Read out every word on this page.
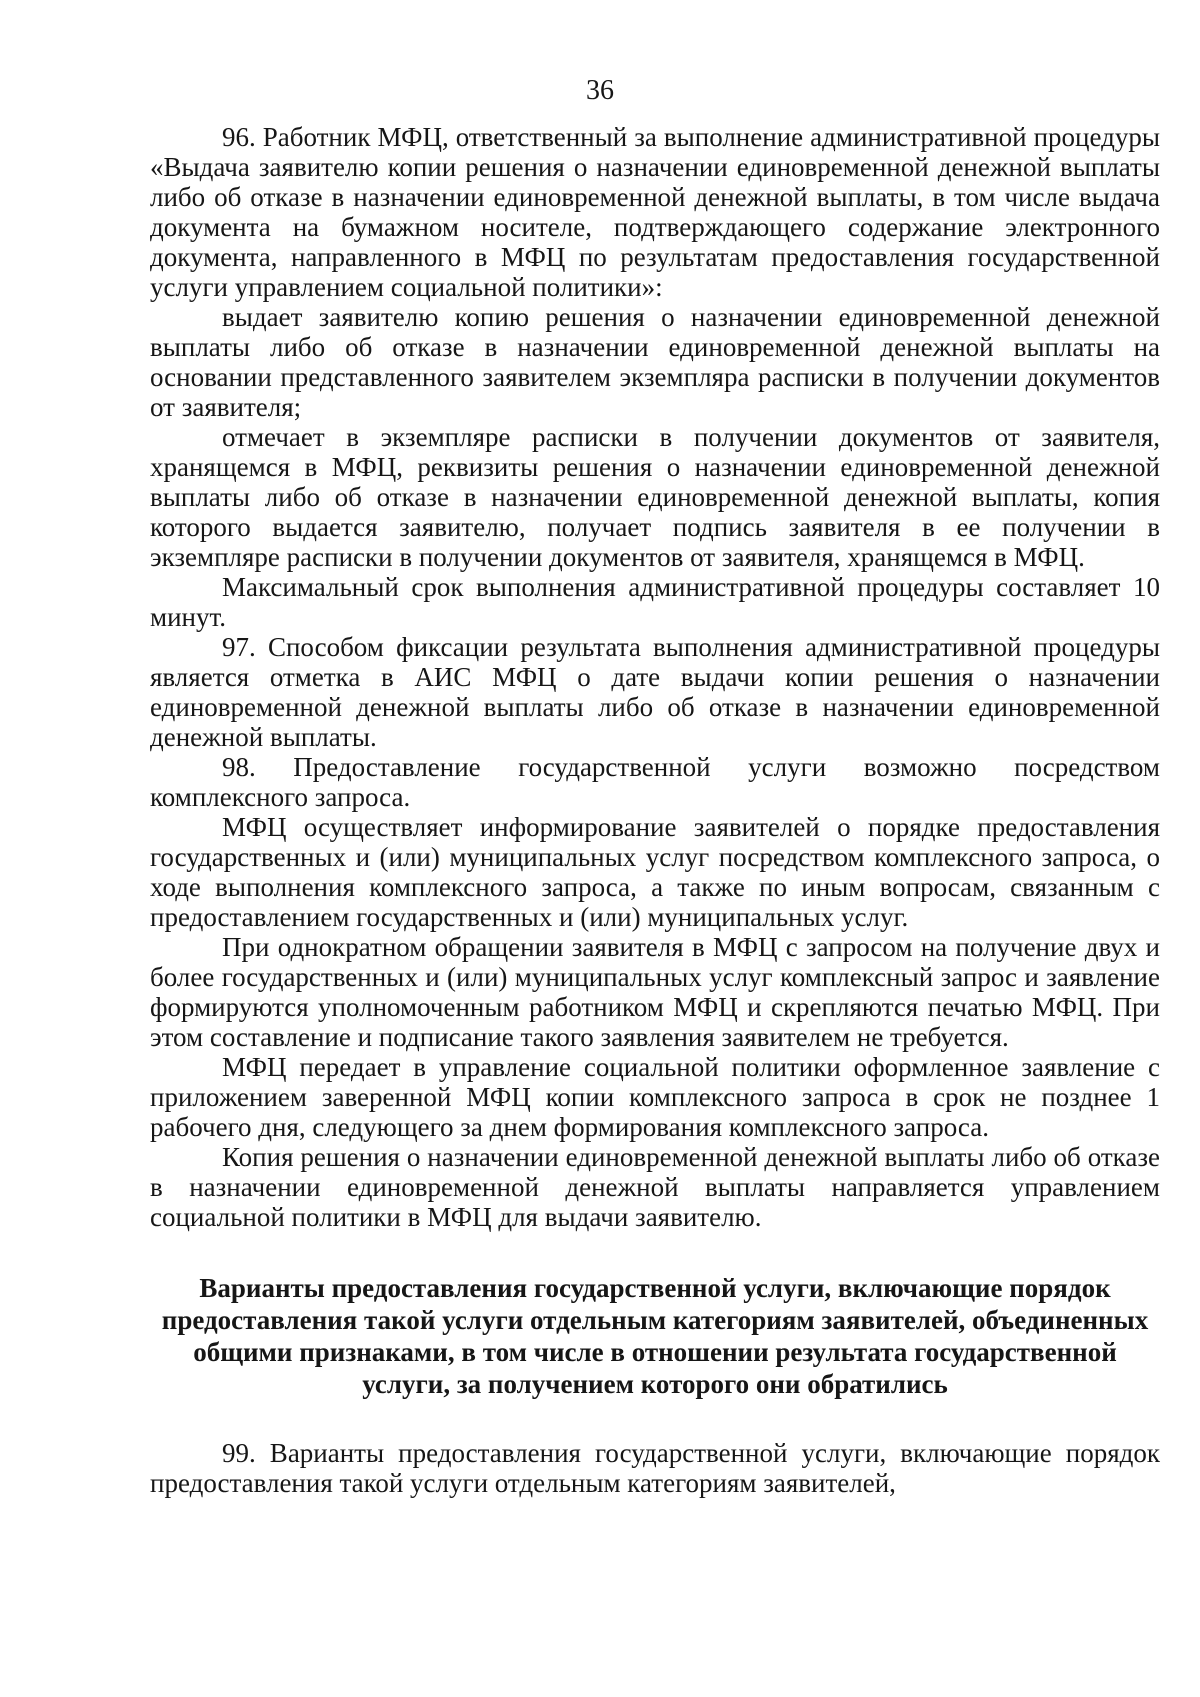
36

96. Работник МФЦ, ответственный за выполнение административной процедуры «Выдача заявителю копии решения о назначении единовременной денежной выплаты либо об отказе в назначении единовременной денежной выплаты, в том числе выдача документа на бумажном носителе, подтверждающего содержание электронного документа, направленного в МФЦ по результатам предоставления государственной услуги управлением социальной политики»:

выдает заявителю копию решения о назначении единовременной денежной выплаты либо об отказе в назначении единовременной денежной выплаты на основании представленного заявителем экземпляра расписки в получении документов от заявителя;

отмечает в экземпляре расписки в получении документов от заявителя, хранящемся в МФЦ, реквизиты решения о назначении единовременной денежной выплаты либо об отказе в назначении единовременной денежной выплаты, копия которого выдается заявителю, получает подпись заявителя в ее получении в экземпляре расписки в получении документов от заявителя, хранящемся в МФЦ.

Максимальный срок выполнения административной процедуры составляет 10 минут.

97. Способом фиксации результата выполнения административной процедуры является отметка в АИС МФЦ о дате выдачи копии решения о назначении единовременной денежной выплаты либо об отказе в назначении единовременной денежной выплаты.

98. Предоставление государственной услуги возможно посредством комплексного запроса.

МФЦ осуществляет информирование заявителей о порядке предоставления государственных и (или) муниципальных услуг посредством комплексного запроса, о ходе выполнения комплексного запроса, а также по иным вопросам, связанным с предоставлением государственных и (или) муниципальных услуг.

При однократном обращении заявителя в МФЦ с запросом на получение двух и более государственных и (или) муниципальных услуг комплексный запрос и заявление формируются уполномоченным работником МФЦ и скрепляются печатью МФЦ. При этом составление и подписание такого заявления заявителем не требуется.

МФЦ передает в управление социальной политики оформленное заявление с приложением заверенной МФЦ копии комплексного запроса в срок не позднее 1 рабочего дня, следующего за днем формирования комплексного запроса.

Копия решения о назначении единовременной денежной выплаты либо об отказе в назначении единовременной денежной выплаты направляется управлением социальной политики в МФЦ для выдачи заявителю.

Варианты предоставления государственной услуги, включающие порядок предоставления такой услуги отдельным категориям заявителей, объединенных общими признаками, в том числе в отношении результата государственной услуги, за получением которого они обратились

99. Варианты предоставления государственной услуги, включающие порядок предоставления такой услуги отдельным категориям заявителей,
